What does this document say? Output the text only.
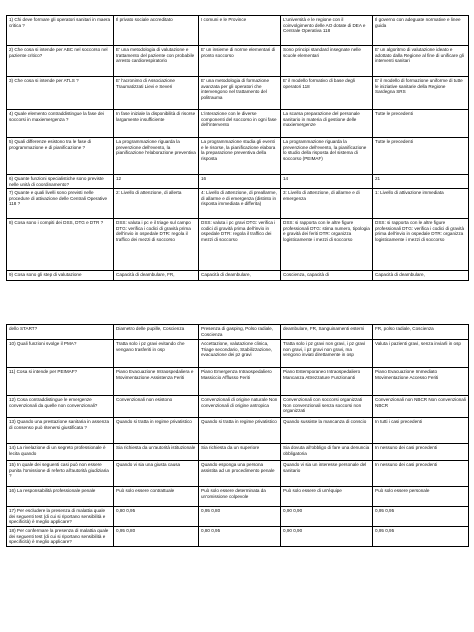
1) Chi deve formare gli operatori sanitari in maera critica ?	Il privato sociale accreditato	I comuni e le Province	L'università e le regione con il coinvolgimento delle AO dotate di DEA e Centrale Operativa 118	Il governo con adeguate normative e linee guida
2) Che cosa si intende per ABC nel soccorso nel paziente critico?	E' una metodologia di valutazione e trattamento del paziente con probabile arresto cardiorespiratorio	E' un insieme di norme elementari di pronto soccorso	Sono principi standard insegnate nelle scuole elementari	E' un algoritmo di valutazione ideato e adottato dalla Regione al fine di unificare gli interventi sanitari
3) Che cosa si intende per ATLS ?	E' l'acronimo di Associazione Traumatizzati Lievi e Severi	E' una metodologia di formazione avanzata per gli operatori che intervengono nel trattamento del politrauma	E' il modello formativo di base degli operatori 118	E' il modello di formazione uniforme di tutte le iniziative sanitarie della Regione Sardegna SRS
4) Quale elemento contraddistingue la fase dei soccorsi in maxiemergenza ?	In fase iniziale la disponibilità di risorse largamente insufficiente	L'interazione con le diverse componenti del soccorso in ogni fase dell'intervento	La scarsa preparazione del personale sanitario in materia di gestione delle maxiemergenze	Tutte le precedenti
5) Quali differenze esistono tra le fase di programmazione e di pianificazione ?	La programmazione riguarda la prevenzione dell'evento, la pianificazione l'elaborazione preventiva	La programmazione studia gli eventi e le risorse, la pianificazione elabora la preparazione preventiva della risposta	La programmazione riguarda la prevenzione dell'evento, la pianificazione lo studio della risposta del sistema di soccorso (PEIMAF)	Tutte le precedenti
6) Quante funzioni specialistiche sono previste nelle unità di coordinamento?	12	16	14	21
7) Quante e quali livelli sono previsti nelle procedure di attivazione delle Centrali Operative 118 ?	2: Livello di attenzione, di allerta	4: Livello di attenzione, di preallarme, di allarme e di emergenza (distinto in risposta immediata e differita)	3: Livello di attenzione, di allarme e di emergenza	1: Livello di attivazione immediata
8) Cosa sono i compiti dei DSS, DTG e DTR ?	DSS: valuta i pc e il triage sul campo DTG: verifica i codici di gravità prima dell'invio in ospedale DTR: regola il traffico dei mezzi di soccorso	DSS: valuta i pc gravi DTG: verifica i codici di gravità prima dell'invio in ospedale DTR: regola il traffico dei mezzi di soccorso	DSS: si rapporta con le altre figure professionali DTG: stima numero, tipologia e gravità dei feriti DTR: organizza logisticamente i mezzi di soccorso	DSS: si rapporta con le altre figure professionali DTG: verifica i codici di gravità prima dell'invio in ospedale DTR: organizza logisticamente i mezzi di soccorso
9) Cosa sono gli step di valutazione	Capacità di deambulare, FR,	Capacità di deambulare,	Coscienza, capacità di	Capacità di deambulare,
dello START?	Diametro delle pupille, Coscienza	Presenza di gasping, Polso radiale, Coscienza	deambulare, FR, Sanguinamenti esterni	FR, polso radiale, Coscienza
10) Quali funzioni svolge il PMA?	Tratta solo i pz gravi evitando che vengano trasferiti in osp	Accettazione, valutazione clinica, Triage secondario, Stabilizzazione, evacuazione dei pz gravi	Tratta solo i pz gravi non gravi, i pz gravi non gravi, i pz gravi non gravi, ma vengono inviati direttamente in osp	Valuta i pazienti gravi, senza inviarli in osp
11) Cosa si intende per PEIMAF?	Piano Evacuazione Intraospedaliera e Movimentazione Assistenza Feriti	Piano Emergenza Intraospedaliero Massiccio Afflusso Feriti	Piano Estemporaneo Intraospedaliero Mancanza Attrezzature Funzionanti	Piano Evacuazione Immediato Movimentazione Accesso Feriti
12) Cosa contraddistingue le emergenze convenzionali da quelle non convenzionali?	Convenzionali non esistono	Convenzionali di origine naturale Non convenzionali di origine antropica	Convenzionali con soccorsi organizzati Non convenzionali senza soccorsi non organizzati	Convenzionali non NBCR Non convenzionali NBCR
13) Quando una prestazione sanitaria in assenza di consenso può ritenersi giustificata ?	Quando si tratta in regime privatistico	Quando si tratta in regime privatistico	Quando sussiste la mancanza di conscio	In tutti i casi precedenti
14) La rivelazione di un segreto professionale è lecita quando	Sia richiesta da un'autorità istituzionale	Sia richiesta da un superiore	Sia dovuta all'obbligo di fare una denuncia obbligatoria	In nessuno dei casi precedenti
15) In quale dei seguenti casi può non essere punita l'omissione di referto all'autorità giudiziaria ?	Quando vi sia una giusta causa	Quando esponga una persona assistita ad un procedimento penale	Quando vi sia un interesse personale del sanitario	In nessuno dei casi precedenti
16) La responsabilità professionale penale	Può solo essere contrattuale	Può solo essere determinata da un'omissione colpevole	Può solo essere di un'équipe	Può solo essere personale
17) Per escludere la presenza di malattia quale dei seguenti test (di cui si riportano sensibilità e specificità) è meglio applicare?	0,80 0,95	0,95 0,80	0,90 0,90	0,95 0,95
18) Per confermare la presenza di malattia quale dei seguenti test (di cui si riportano sensibilità e specificità) è meglio applicare?	0,95 0,80	0,80 0,95	0,90 0,90	0,95 0,95
